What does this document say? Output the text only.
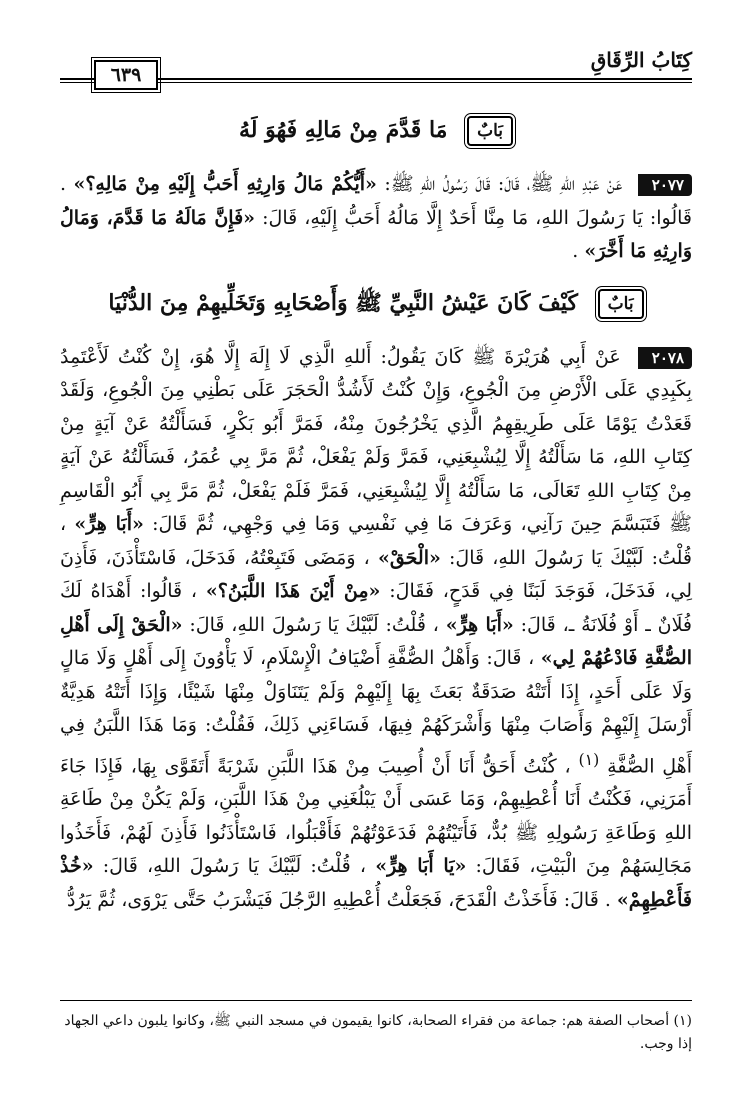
كِتَابُ الرِّقَاقِ
٦٣٩
بَابٌ مَا قَدَّمَ مِنْ مَالِهِ فَهُوَ لَهُ

٢٠٧٧ عَنْ عَبْدِ اللهِ ﷺ، قَالَ: قَالَ رَسُولُ اللهِ ﷺ: «أَيُّكُمْ مَالُ وَارِثِهِ أَحَبُّ إِلَيْهِ مِنْ مَالِهِ؟» . قَالُوا: يَا رَسُولَ اللهِ، مَا مِنَّا أَحَدٌ إِلَّا مَالُهُ أَحَبُّ إِلَيْهِ، قَالَ: «فَإِنَّ مَالَهُ مَا قَدَّمَ، وَمَالُ وَارِثِهِ مَا أَخَّرَ» .

بَابٌ كَيْفَ كَانَ عَيْشُ النَّبِيِّ ﷺ وَأَصْحَابِهِ وَتَخَلِّيهِمْ مِنَ الدُّنْيَا

٢٠٧٨ عَنْ أَبِي هُرَيْرَةَ ﷺ كَانَ يَقُولُ: أَللهِ الَّذِي لَا إِلَهَ إِلَّا هُوَ، إِنْ كُنْتُ لَأَعْتَمِدُ بِكَبِدِي عَلَى الْأَرْضِ مِنَ الْجُوعِ، وَإِنْ كُنْتُ لَأَشُدُّ الْحَجَرَ عَلَى بَطْنِي مِنَ الْجُوعِ، وَلَقَدْ قَعَدْتُ يَوْمًا عَلَى طَرِيقِهِمُ الَّذِي يَخْرُجُونَ مِنْهُ، فَمَرَّ أَبُو بَكْرٍ، فَسَأَلْتُهُ عَنْ آيَةٍ مِنْ كِتَابِ اللهِ، مَا سَأَلْتُهُ إِلَّا لِيُشْبِعَنِي، فَمَرَّ وَلَمْ يَفْعَلْ، ثُمَّ مَرَّ بِي عُمَرُ، فَسَأَلْتُهُ عَنْ آيَةٍ مِنْ كِتَابِ اللهِ تَعَالَى، مَا سَأَلْتُهُ إِلَّا لِيُشْبِعَنِي، فَمَرَّ فَلَمْ يَفْعَلْ، ثُمَّ مَرَّ بِي أَبُو الْقَاسِمِ ﷺ فَتَبَسَّمَ حِينَ رَآنِي، وَعَرَفَ مَا فِي نَفْسِي وَمَا فِي وَجْهِي، ثُمَّ قَالَ: «أَبَا هِرٍّ» ، قُلْتُ: لَبَّيْكَ يَا رَسُولَ اللهِ، قَالَ: «الْحَقْ» ، وَمَضَى فَتَبِعْتُهُ، فَدَخَلَ، فَاسْتَأْذَنَ، فَأَذِنَ لِي، فَدَخَلَ، فَوَجَدَ لَبَنًا فِي قَدَحٍ، فَقَالَ: «مِنْ أَيْنَ هَذَا اللَّبَنُ؟» ، قَالُوا: أَهْدَاهُ لَكَ فُلَانٌ ـ أَوْ فُلَانَةُ ـ، قَالَ: «أَبَا هِرٍّ» ، قُلْتُ: لَبَّيْكَ يَا رَسُولَ اللهِ، قَالَ: «الْحَقْ إِلَى أَهْلِ الصُّفَّةِ فَادْعُهُمْ لِي» ، قَالَ: وَأَهْلُ الصُّفَّةِ أَضْيَافُ الْإِسْلَامِ، لَا يَأْوُونَ إِلَى أَهْلٍ وَلَا مَالٍ وَلَا عَلَى أَحَدٍ، إِذَا أَتَتْهُ صَدَقَةٌ بَعَثَ بِهَا إِلَيْهِمْ وَلَمْ يَتَنَاوَلْ مِنْهَا شَيْئًا، وَإِذَا أَتَتْهُ هَدِيَّةٌ أَرْسَلَ إِلَيْهِمْ وَأَصَابَ مِنْهَا وَأَشْرَكَهُمْ فِيهَا، فَسَاءَنِي ذَلِكَ، فَقُلْتُ: وَمَا هَذَا اللَّبَنُ فِي أَهْلِ الصُّفَّةِ $^{(١)}$ ، كُنْتُ أَحَقُّ أَنَا أَنْ أُصِيبَ مِنْ هَذَا اللَّبَنِ شَرْبَةً أَتَقَوَّى بِهَا، فَإِذَا جَاءَ أَمَرَنِي، فَكُنْتُ أَنَا أُعْطِيهِمْ، وَمَا عَسَى أَنْ يَبْلُغَنِي مِنْ هَذَا اللَّبَنِ، وَلَمْ يَكُنْ مِنْ طَاعَةِ اللهِ وَطَاعَةِ رَسُولِهِ ﷺ بُدٌّ، فَأَتَيْتُهُمْ فَدَعَوْتُهُمْ فَأَقْبَلُوا، فَاسْتَأْذَنُوا فَأَذِنَ لَهُمْ، فَأَخَذُوا مَجَالِسَهُمْ مِنَ الْبَيْتِ، فَقَالَ: «يَا أَبَا هِرٍّ» ، قُلْتُ: لَبَّيْكَ يَا رَسُولَ اللهِ، قَالَ: «خُذْ فَأَعْطِهِمْ» . قَالَ: فَأَخَذْتُ الْقَدَحَ، فَجَعَلْتُ أُعْطِيهِ الرَّجُلَ فَيَشْرَبُ حَتَّى يَرْوَى، ثُمَّ يَرُدُّ

(١) أصحاب الصفة هم: جماعة من فقراء الصحابة، كانوا يقيمون في مسجد النبي ﷺ، وكانوا يلبون داعي الجهاد إذا وجب.
